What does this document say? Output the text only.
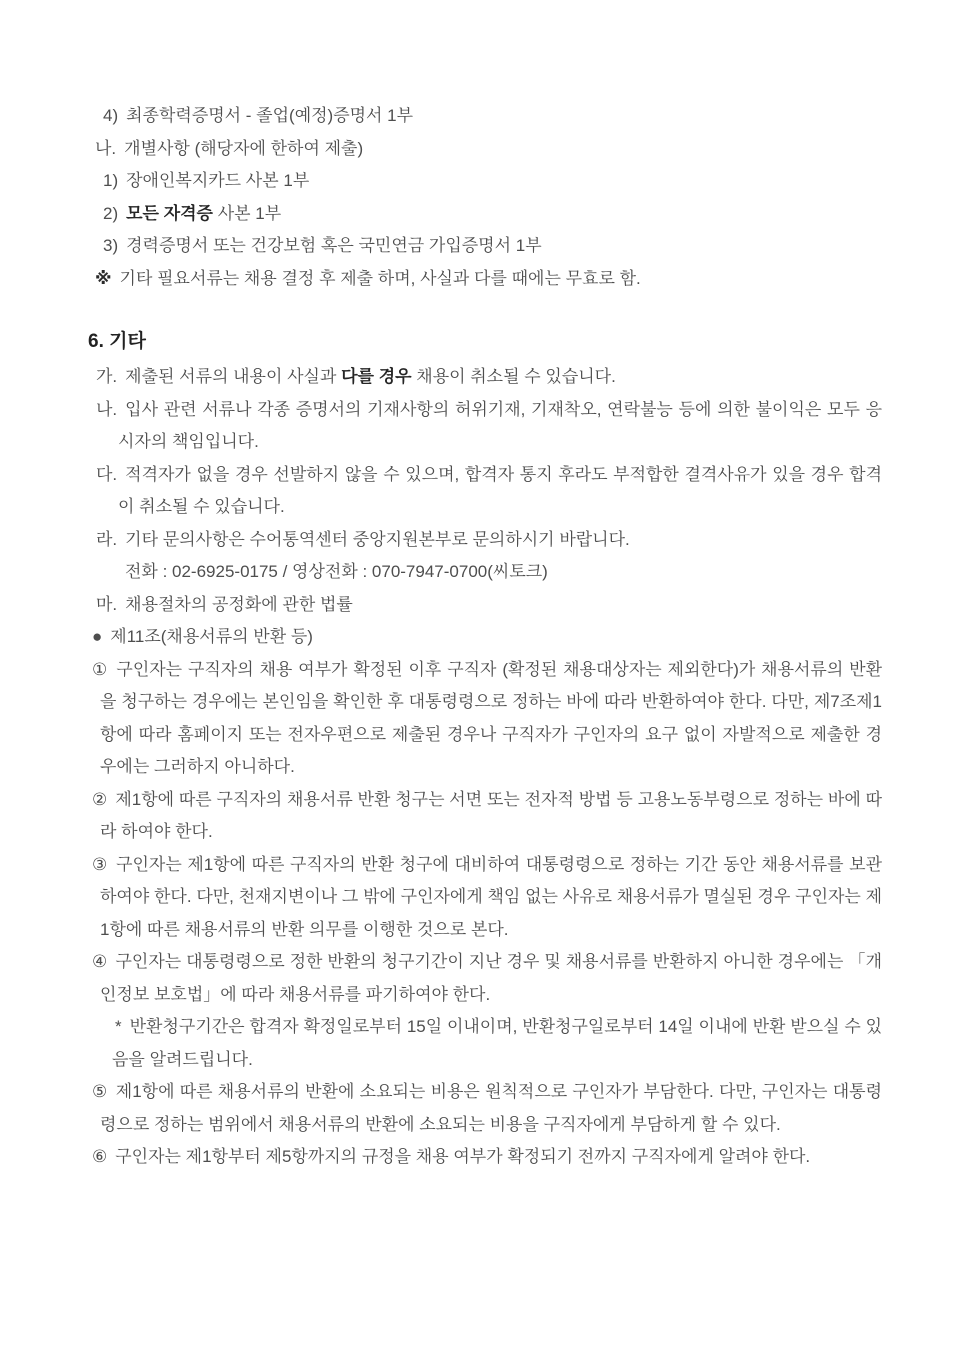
4) 최종학력증명서 - 졸업(예정)증명서 1부

나. 개별사항 (해당자에 한하여 제출)

1) 장애인복지카드 사본 1부

2) 모든 자격증 사본 1부

3) 경력증명서 또는 건강보험 혹은 국민연금 가입증명서 1부

※ 기타 필요서류는 채용 결정 후 제출 하며, 사실과 다를 때에는 무효로 함.

6. 기타

가. 제출된 서류의 내용이 사실과 다를 경우 채용이 취소될 수 있습니다.

나. 입사 관련 서류나 각종 증명서의 기재사항의 허위기재, 기재착오, 연락불능 등에 의한 불이익은 모두 응시자의 책임입니다.

다. 적격자가 없을 경우 선발하지 않을 수 있으며, 합격자 통지 후라도 부적합한 결격사유가 있을 경우 합격이 취소될 수 있습니다.

라. 기타 문의사항은 수어통역센터 중앙지원본부로 문의하시기 바랍니다.

전화 : 02-6925-0175 / 영상전화 : 070-7947-0700(씨토크)

마. 채용절차의 공정화에 관한 법률

● 제11조(채용서류의 반환 등)

① 구인자는 구직자의 채용 여부가 확정된 이후 구직자 (확정된 채용대상자는 제외한다)가 채용서류의 반환을 청구하는 경우에는 본인임을 확인한 후 대통령령으로 정하는 바에 따라 반환하여야 한다. 다만, 제7조제1항에 따라 홈페이지 또는 전자우편으로 제출된 경우나 구직자가 구인자의 요구 없이 자발적으로 제출한 경우에는 그러하지 아니하다.

② 제1항에 따른 구직자의 채용서류 반환 청구는 서면 또는 전자적 방법 등 고용노동부령으로 정하는 바에 따라 하여야 한다.

③ 구인자는 제1항에 따른 구직자의 반환 청구에 대비하여 대통령령으로 정하는 기간 동안 채용서류를 보관하여야 한다. 다만, 천재지변이나 그 밖에 구인자에게 책임 없는 사유로 채용서류가 멸실된 경우 구인자는 제1항에 따른 채용서류의 반환 의무를 이행한 것으로 본다.

④ 구인자는 대통령령으로 정한 반환의 청구기간이 지난 경우 및 채용서류를 반환하지 아니한 경우에는 「개인정보 보호법」에 따라 채용서류를 파기하여야 한다.

* 반환청구기간은 합격자 확정일로부터 15일 이내이며, 반환청구일로부터 14일 이내에 반환 받으실 수 있음을 알려드립니다.

⑤ 제1항에 따른 채용서류의 반환에 소요되는 비용은 원칙적으로 구인자가 부담한다. 다만, 구인자는 대통령령으로 정하는 범위에서 채용서류의 반환에 소요되는 비용을 구직자에게 부담하게 할 수 있다.

⑥ 구인자는 제1항부터 제5항까지의 규정을 채용 여부가 확정되기 전까지 구직자에게 알려야 한다.
